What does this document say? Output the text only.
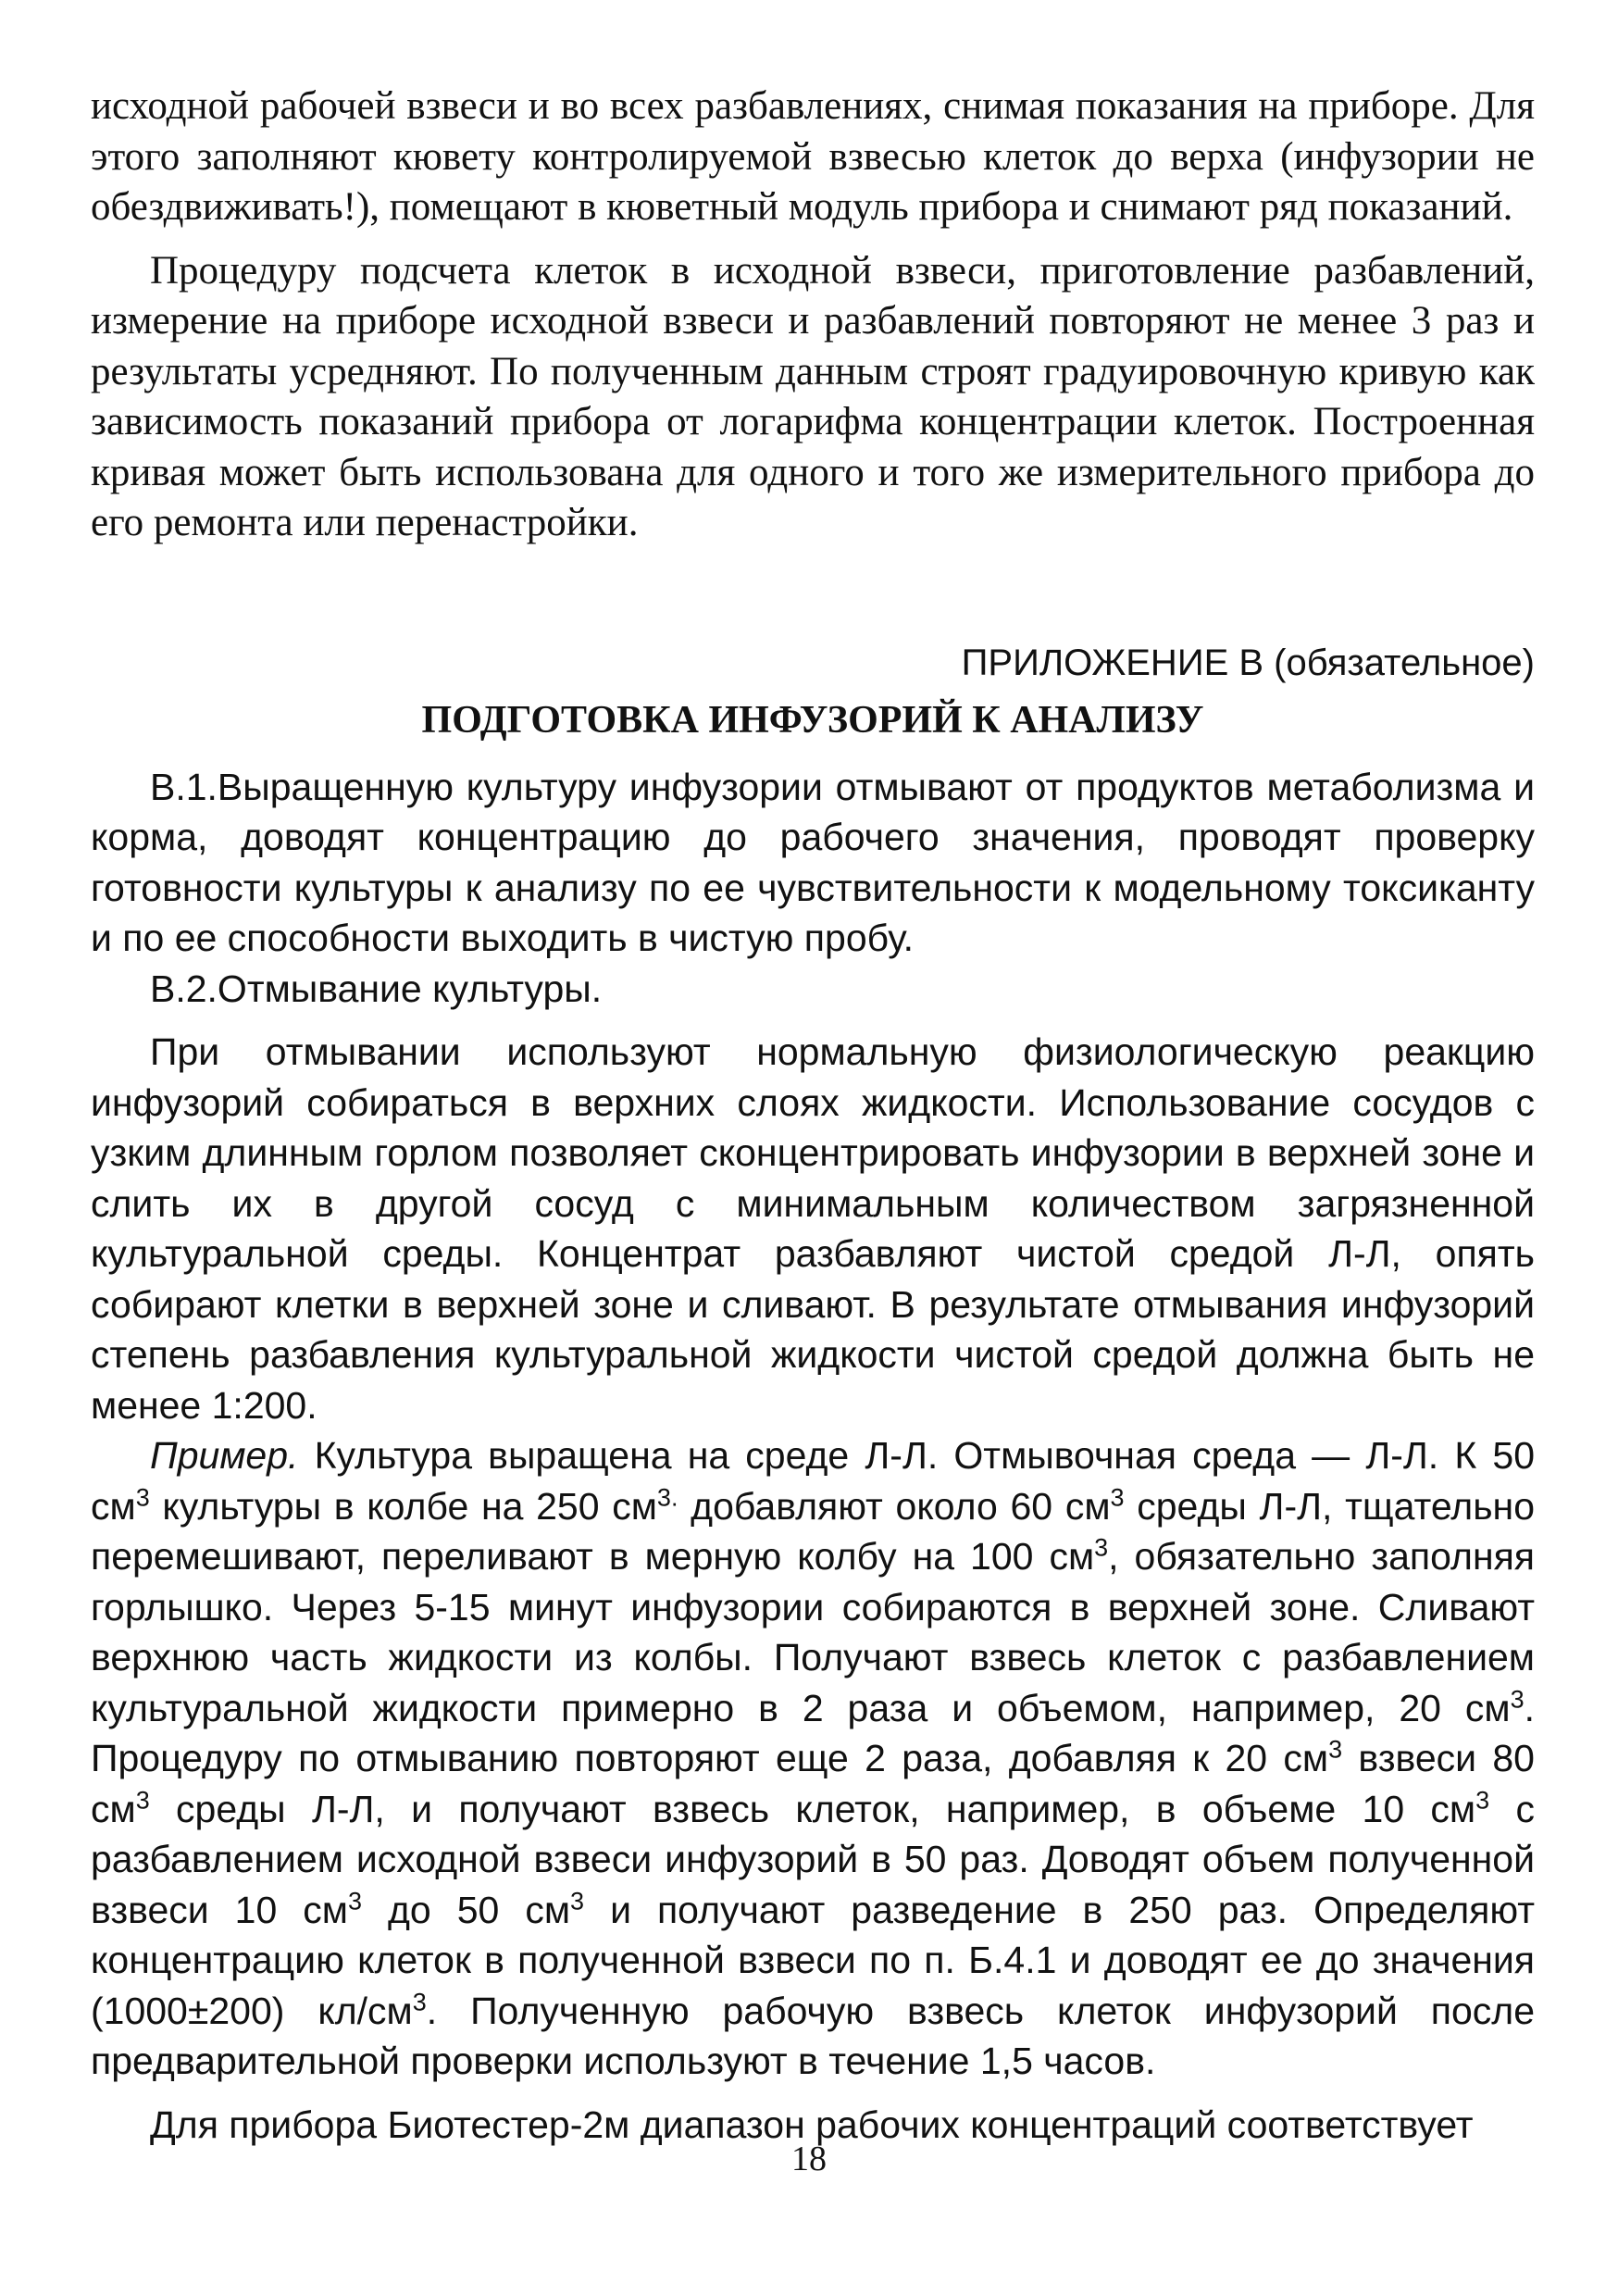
исходной рабочей взвеси и во всех разбавлениях, снимая показания на приборе. Для этого заполняют кювету контролируемой взвесью клеток до верха (инфузории не обездвиживать!), помещают в кюветный модуль прибора и снимают ряд показаний.

Процедуру подсчета клеток в исходной взвеси, приготовление разбавлений, измерение на приборе исходной взвеси и разбавлений повторяют не менее 3 раз и результаты усредняют. По полученным данным строят градуировочную кривую как зависимость показаний прибора от логарифма концентрации клеток. Построенная кривая может быть использована для одного и того же измерительного прибора до его ремонта или перенастройки.

ПРИЛОЖЕНИЕ В (обязательное)
ПОДГОТОВКА ИНФУЗОРИЙ К АНАЛИЗУ

В.1.Выращенную культуру инфузории отмывают от продуктов метаболизма и корма, доводят концентрацию до рабочего значения, проводят проверку готовности культуры к анализу по ее чувствительности к модельному токсиканту и по ее способности выходить в чистую пробу.

В.2.Отмывание культуры.

При отмывании используют нормальную физиологическую реакцию инфузорий собираться в верхних слоях жидкости. Использование сосудов с узким длинным горлом позволяет сконцентрировать инфузории в верхней зоне и слить их в другой сосуд с минимальным количеством загрязненной культуральной среды. Концентрат разбавляют чистой средой Л-Л, опять собирают клетки в верхней зоне и сливают. В результате отмывания инфузорий степень разбавления культуральной жидкости чистой средой должна быть не менее 1:200.

Пример. Культура выращена на среде Л-Л. Отмывочная среда — Л-Л. К 50 $см^3$ культуры в колбе на 250 $см^{3.}$ добавляют около 60 $см^3$ среды Л-Л, тщательно перемешивают, переливают в мерную колбу на 100 $см^3$, обязательно заполняя горлышко. Через 5-15 минут инфузории собираются в верхней зоне. Сливают верхнюю часть жидкости из колбы. Получают взвесь клеток с разбавлением культуральной жидкости примерно в 2 раза и объемом, например, 20 $см^3$. Процедуру по отмыванию повторяют еще 2 раза, добавляя к 20 $см^3$ взвеси 80 $см^3$ среды Л-Л, и получают взвесь клеток, например, в объеме 10 $см^3$ с разбавлением исходной взвеси инфузорий в 50 раз. Доводят объем полученной взвеси 10 $см^3$ до 50 $см^3$ и получают разведение в 250 раз. Определяют концентрацию клеток в полученной взвеси по п. Б.4.1 и доводят ее до значения (1000±200) $кл/см^3$. Полученную рабочую взвесь клеток инфузорий после предварительной проверки используют в течение 1,5 часов.

Для прибора Биотестер-2м диапазон рабочих концентраций соответствует

18
